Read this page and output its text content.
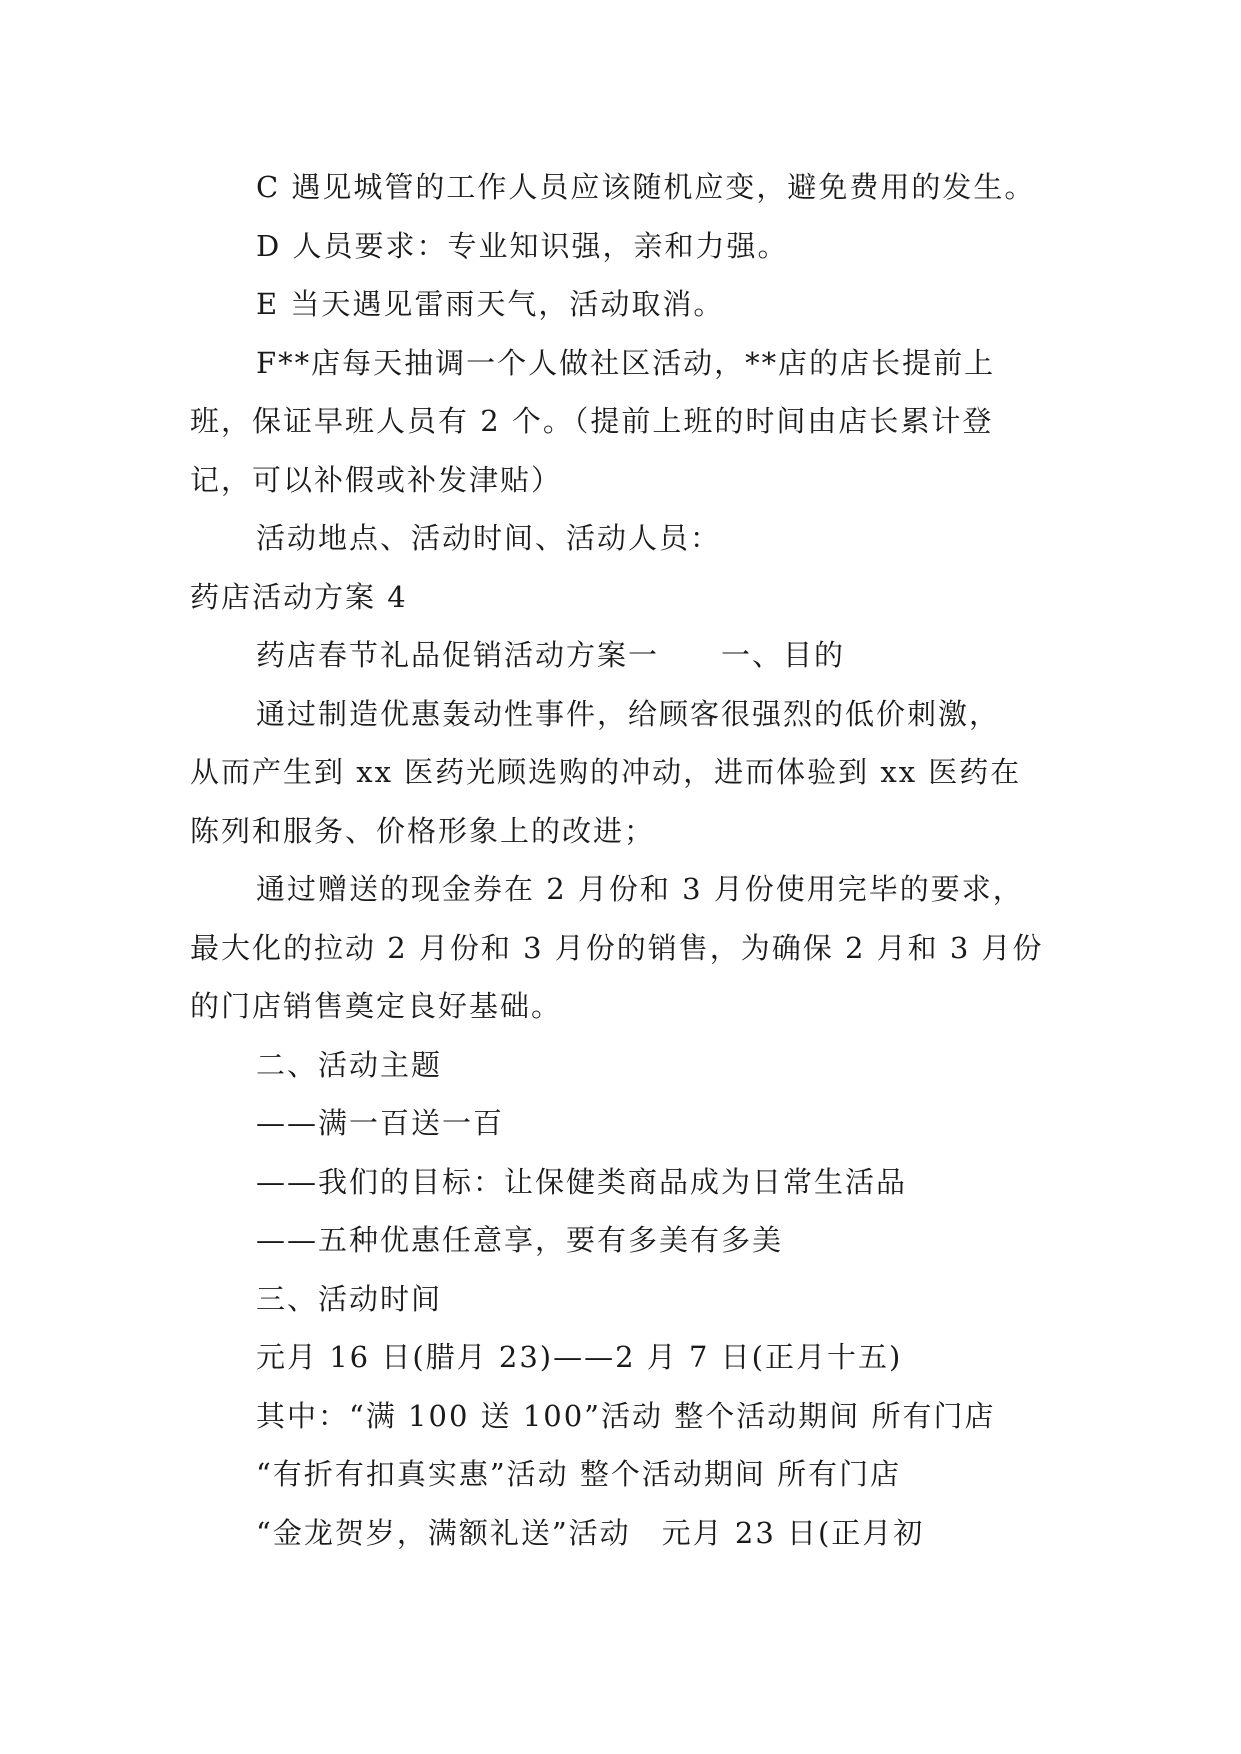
C 遇见城管的工作人员应该随机应变，避免费用的发生。
D 人员要求：专业知识强，亲和力强。
E 当天遇见雷雨天气，活动取消。
F**店每天抽调一个人做社区活动，**店的店长提前上
班，保证早班人员有 2 个。（提前上班的时间由店长累计登
记，可以补假或补发津贴）
活动地点、活动时间、活动人员：
药店活动方案 4
药店春节礼品促销活动方案一　　一、目的
通过制造优惠轰动性事件，给顾客很强烈的低价刺激，
从而产生到 xx 医药光顾选购的冲动，进而体验到 xx 医药在
陈列和服务、价格形象上的改进；
通过赠送的现金券在 2 月份和 3 月份使用完毕的要求，
最大化的拉动 2 月份和 3 月份的销售，为确保 2 月和 3 月份
的门店销售奠定良好基础。
二、活动主题
——满一百送一百
——我们的目标：让保健类商品成为日常生活品
——五种优惠任意享，要有多美有多美
三、活动时间
元月 16 日(腊月 23)——2 月 7 日(正月十五)
其中：“满 100 送 100”活动 整个活动期间 所有门店
“有折有扣真实惠”活动 整个活动期间 所有门店
“金龙贺岁，满额礼送”活动　元月 23 日(正月初
